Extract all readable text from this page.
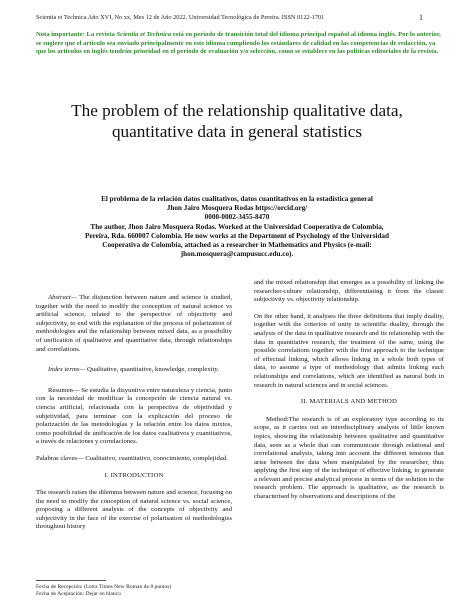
Scientia et Technica Año XVI, No xx, Mes 12 de Año 2022. Universidad Tecnológica de Pereira. ISSN 0122-1701	1
Nota importante: La revista Scientia et Technica está en periodo de transición total del idioma principal español al idioma inglés. Por lo anterior, se sugiere que el artículo sea enviado principalmente en este idioma cumpliendo los estándares de calidad en las competencias de redacción, ya que los artículos en inglés tendrán prioridad en el periodo de evaluación y/o selección, como se establece en las políticas editoriales de la revista.
The problem of the relationship qualitative data,
quantitative data in general statistics
El problema de la relación datos cualitativos, datos cuantitativos en la estadística general
Jhon Jairo Mosquera Rodas https://orcid.org/
0000-0002-3455-8470
The author, Jhon Jairo Mosquera Rodas. Worked at the Universidad Cooperativa de Colombia,
Pereira, Rda. 660007 Colombia. He now works at the Department of Psychology of the Universidad
Cooperativa de Colombia, attached as a researcher in Mathematics and Physics (e-mail:
jhon.mosquera@campusucc.edu.co).

Abstract— The disjunction between nature and science is studied, together with the need to modify the conception of natural science vs artificial science, related to the perspective of objectivity and subjectivity, to end with the explanation of the process of polarization of methodologies and the relationship between mixed data, as a possibility of unification of qualitative and quantitative data, through relationships and correlations.

Index terms— Qualitative, quantitative, knowledge, complexity.

Resumen— Se estudia la disyuntiva entre naturaleza y ciencia, junto con la necesidad de modificar la concepción de ciencia natural vs. ciencia artificial, relacionada con la perspectiva de objetividad y subjetividad, para terminar con la explicación del proceso de polarización de las metodologías y la relación entre los datos mixtos, como posibilidad de unificación de los datos cualitativos y cuantitativos, a través de relaciones y correlaciones.

Palabras claves— Cualitativo, cuantitativo, conocimiento, complejidad.

I. INTRODUCTION

The research raises the dilemma between nature and science, focusing on the need to modify the conception of natural science vs. social science, proposing a different analysis of the concepts of objectivity and subjectivity in the face of the exercise of polarisation of methodologies throughout history

and the mixed relationship that emerges as a possibility of linking the researcher-culture relationship, differentiating it from the classic subjectivity vs. objectivity relationship.

On the other hand, it analyses the three definitions that imply duality, together with the criterion of unity in scientific duality, through the analysis of the data in qualitative research and its relationship with the data in quantitative research, the treatment of the same, using the possible correlations together with the first approach to the technique of effectual linking, which allows linking in a whole both types of data, to assume a type of methodology that admits linking such relationships and correlations, which are identified as natural both in research in natural sciences and in social sciences.

II. MATERIALS AND METHOD

Method:The research is of an exploratory type according to its scope, as it carries out an interdisciplinary analysis of little known topics, showing the relationship between qualitative and quantitative data, seen as a whole that can communicate through relational and correlational analysis, taking into account the different tensions that arise between the data when manipulated by the researcher, thus applying the first step of the technique of effective linking, to generate a relevant and precise analytical process in terms of the solution to the research problem. The approach is qualitative, as the research is characterised by observations and descriptions of the

Fecha de Recepción: (Letra Times New Roman de 8 puntos)
Fecha de Aceptación: Dejar en blanco
